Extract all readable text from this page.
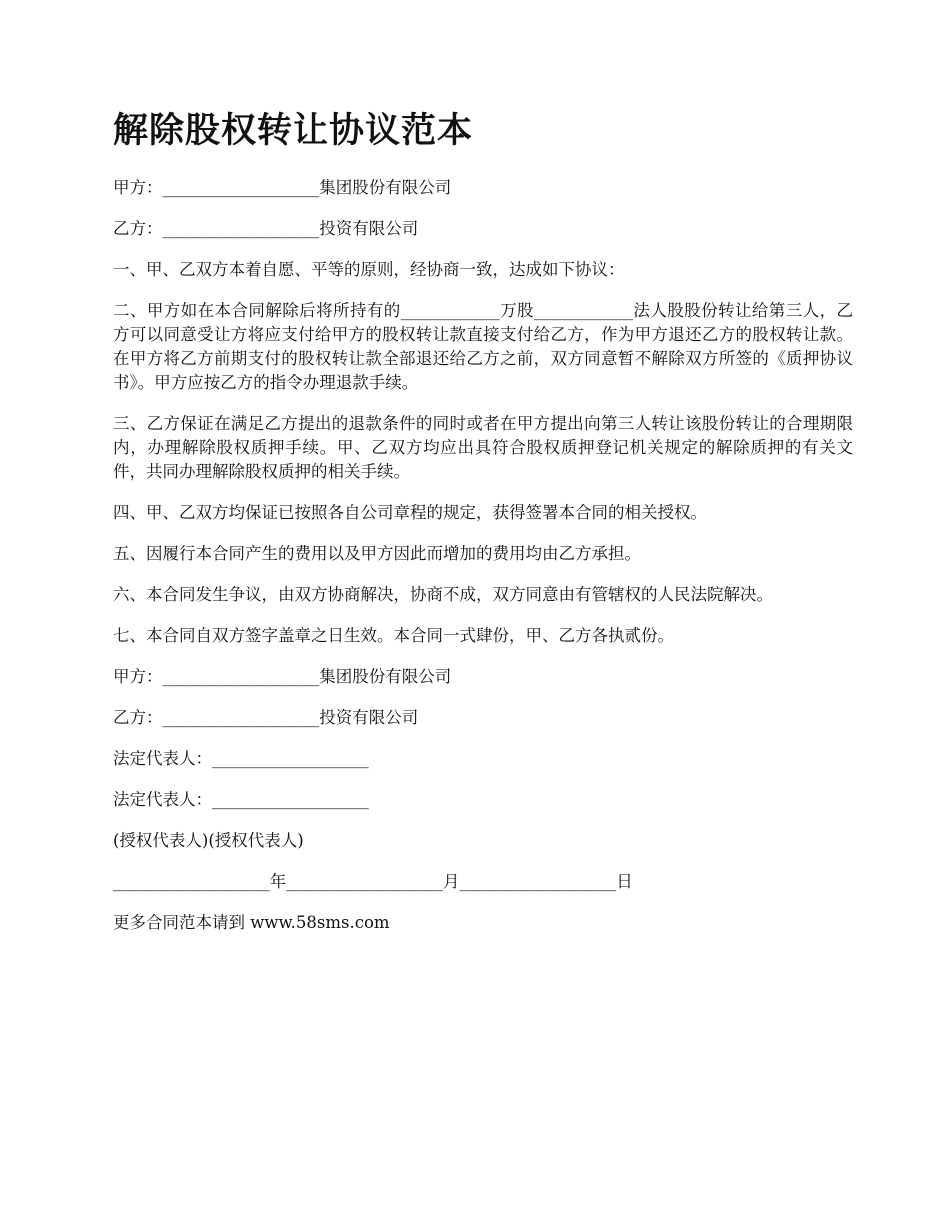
解除股权转让协议范本

甲方：___________________集团股份有限公司

乙方：___________________投资有限公司

一、甲、乙双方本着自愿、平等的原则，经协商一致，达成如下协议：

二、甲方如在本合同解除后将所持有的____________万股____________法人股股份转让给第三人，乙方可以同意受让方将应支付给甲方的股权转让款直接支付给乙方，作为甲方退还乙方的股权转让款。在甲方将乙方前期支付的股权转让款全部退还给乙方之前，双方同意暂不解除双方所签的《质押协议书》。甲方应按乙方的指令办理退款手续。

三、乙方保证在满足乙方提出的退款条件的同时或者在甲方提出向第三人转让该股份转让的合理期限内，办理解除股权质押手续。甲、乙双方均应出具符合股权质押登记机关规定的解除质押的有关文件，共同办理解除股权质押的相关手续。

四、甲、乙双方均保证已按照各自公司章程的规定，获得签署本合同的相关授权。

五、因履行本合同产生的费用以及甲方因此而增加的费用均由乙方承担。

六、本合同发生争议，由双方协商解决，协商不成，双方同意由有管辖权的人民法院解决。

七、本合同自双方签字盖章之日生效。本合同一式肆份，甲、乙方各执贰份。

甲方：___________________集团股份有限公司

乙方：___________________投资有限公司

法定代表人：___________________

法定代表人：___________________

(授权代表人)(授权代表人)

___________________年___________________月___________________日

更多合同范本请到 www.58sms.com
